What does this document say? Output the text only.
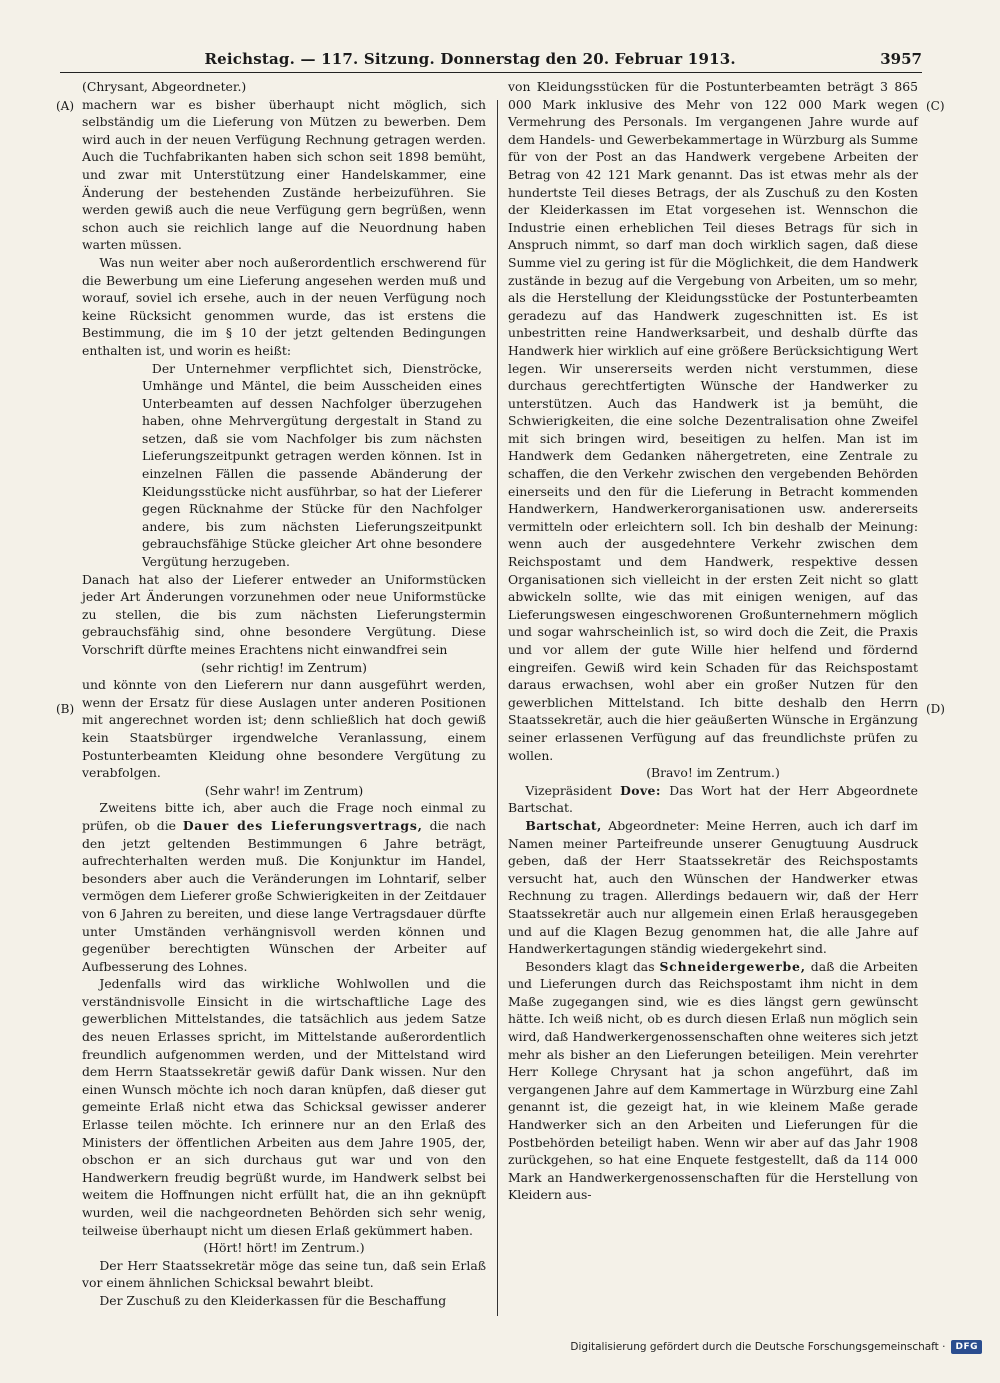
Reichstag. — 117. Sitzung. Donnerstag den 20. Februar 1913.	3957
(A)
(B)
(C)
(D)

(Chrysant, Abgeordneter.)

machern war es bisher überhaupt nicht möglich, sich selbständig um die Lieferung von Mützen zu bewerben. Dem wird auch in der neuen Verfügung Rechnung getragen werden. Auch die Tuchfabrikanten haben sich schon seit 1898 bemüht, und zwar mit Unterstützung einer Handelskammer, eine Änderung der bestehenden Zustände herbeizuführen. Sie werden gewiß auch die neue Verfügung gern begrüßen, wenn schon auch sie reichlich lange auf die Neuordnung haben warten müssen.

Was nun weiter aber noch außerordentlich erschwerend für die Bewerbung um eine Lieferung angesehen werden muß und worauf, soviel ich ersehe, auch in der neuen Verfügung noch keine Rücksicht genommen wurde, das ist erstens die Bestimmung, die im § 10 der jetzt geltenden Bedingungen enthalten ist, und worin es heißt:

Der Unternehmer verpflichtet sich, Dienströcke, Umhänge und Mäntel, die beim Ausscheiden eines Unterbeamten auf dessen Nachfolger überzugehen haben, ohne Mehrvergütung dergestalt in Stand zu setzen, daß sie vom Nachfolger bis zum nächsten Lieferungszeitpunkt getragen werden können. Ist in einzelnen Fällen die passende Abänderung der Kleidungsstücke nicht ausführbar, so hat der Lieferer gegen Rücknahme der Stücke für den Nachfolger andere, bis zum nächsten Lieferungszeitpunkt gebrauchsfähige Stücke gleicher Art ohne besondere Vergütung herzugeben.

Danach hat also der Lieferer entweder an Uniformstücken jeder Art Änderungen vorzunehmen oder neue Uniformstücke zu stellen, die bis zum nächsten Lieferungstermin gebrauchsfähig sind, ohne besondere Vergütung. Diese Vorschrift dürfte meines Erachtens nicht einwandfrei sein

(sehr richtig! im Zentrum)

und könnte von den Lieferern nur dann ausgeführt werden, wenn der Ersatz für diese Auslagen unter anderen Positionen mit angerechnet worden ist; denn schließlich hat doch gewiß kein Staatsbürger irgendwelche Veranlassung, einem Postunterbeamten Kleidung ohne besondere Vergütung zu verabfolgen.

(Sehr wahr! im Zentrum)

Zweitens bitte ich, aber auch die Frage noch einmal zu prüfen, ob die Dauer des Lieferungsvertrags, die nach den jetzt geltenden Bestimmungen 6 Jahre beträgt, aufrechterhalten werden muß. Die Konjunktur im Handel, besonders aber auch die Veränderungen im Lohntarif, selber vermögen dem Lieferer große Schwierigkeiten in der Zeitdauer von 6 Jahren zu bereiten, und diese lange Vertragsdauer dürfte unter Umständen verhängnisvoll werden können und gegenüber berechtigten Wünschen der Arbeiter auf Aufbesserung des Lohnes.

Jedenfalls wird das wirkliche Wohlwollen und die verständnisvolle Einsicht in die wirtschaftliche Lage des gewerblichen Mittelstandes, die tatsächlich aus jedem Satze des neuen Erlasses spricht, im Mittelstande außerordentlich freundlich aufgenommen werden, und der Mittelstand wird dem Herrn Staatssekretär gewiß dafür Dank wissen. Nur den einen Wunsch möchte ich noch daran knüpfen, daß dieser gut gemeinte Erlaß nicht etwa das Schicksal gewisser anderer Erlasse teilen möchte. Ich erinnere nur an den Erlaß des Ministers der öffentlichen Arbeiten aus dem Jahre 1905, der, obschon er an sich durchaus gut war und von den Handwerkern freudig begrüßt wurde, im Handwerk selbst bei weitem die Hoffnungen nicht erfüllt hat, die an ihn geknüpft wurden, weil die nachgeordneten Behörden sich sehr wenig, teilweise überhaupt nicht um diesen Erlaß gekümmert haben.

(Hört! hört! im Zentrum.)

Der Herr Staatssekretär möge das seine tun, daß sein Erlaß vor einem ähnlichen Schicksal bewahrt bleibt.

Der Zuschuß zu den Kleiderkassen für die Beschaffung

von Kleidungsstücken für die Postunterbeamten beträgt 3 865 000 Mark inklusive des Mehr von 122 000 Mark wegen Vermehrung des Personals. Im vergangenen Jahre wurde auf dem Handels- und Gewerbekammertage in Würzburg als Summe für von der Post an das Handwerk vergebene Arbeiten der Betrag von 42 121 Mark genannt. Das ist etwas mehr als der hundertste Teil dieses Betrags, der als Zuschuß zu den Kosten der Kleiderkassen im Etat vorgesehen ist. Wennschon die Industrie einen erheblichen Teil dieses Betrags für sich in Anspruch nimmt, so darf man doch wirklich sagen, daß diese Summe viel zu gering ist für die Möglichkeit, die dem Handwerk zuständе in bezug auf die Vergebung von Arbeiten, um so mehr, als die Herstellung der Kleidungsstücke der Postunterbeamten geradezu auf das Handwerk zugeschnitten ist. Es ist unbestritten reine Handwerksarbeit, und deshalb dürfte das Handwerk hier wirklich auf eine größere Berücksichtigung Wert legen. Wir unsererseits werden nicht verstummen, diese durchaus gerechtfertigten Wünsche der Handwerker zu unterstützen. Auch das Handwerk ist ja bemüht, die Schwierigkeiten, die eine solche Dezentralisation ohne Zweifel mit sich bringen wird, beseitigen zu helfen. Man ist im Handwerk dem Gedanken nähergetreten, eine Zentrale zu schaffen, die den Verkehr zwischen den vergebenden Behörden einerseits und den für die Lieferung in Betracht kommenden Handwerkern, Handwerkerorganisationen usw. andererseits vermitteln oder erleichtern soll. Ich bin deshalb der Meinung: wenn auch der ausgedehntere Verkehr zwischen dem Reichspostamt und dem Handwerk, respektive dessen Organisationen sich vielleicht in der ersten Zeit nicht so glatt abwickeln sollte, wie das mit einigen wenigen, auf das Lieferungswesen eingeschworenen Großunternehmern möglich und sogar wahrscheinlich ist, so wird doch die Zeit, die Praxis und vor allem der gute Wille hier helfend und fördernd eingreifen. Gewiß wird kein Schaden für das Reichspostamt daraus erwachsen, wohl aber ein großer Nutzen für den gewerblichen Mittelstand. Ich bitte deshalb den Herrn Staatssekretär, auch die hier geäußerten Wünsche in Ergänzung seiner erlassenen Verfügung auf das freundlichste prüfen zu wollen.

(Bravo! im Zentrum.)

Vizepräsident Dove: Das Wort hat der Herr Abgeordnete Bartschat.

Bartschat, Abgeordneter: Meine Herren, auch ich darf im Namen meiner Parteifreunde unserer Genugtuung Ausdruck geben, daß der Herr Staatssekretär des Reichspostamts versucht hat, auch den Wünschen der Handwerker etwas Rechnung zu tragen. Allerdings bedauern wir, daß der Herr Staatssekretär auch nur allgemein einen Erlaß herausgegeben und auf die Klagen Bezug genommen hat, die alle Jahre auf Handwerkertagungen ständig wiedergekehrt sind.

Besonders klagt das Schneidergewerbe, daß die Arbeiten und Lieferungen durch das Reichspostamt ihm nicht in dem Maße zugegangen sind, wie es dies längst gern gewünscht hätte. Ich weiß nicht, ob es durch diesen Erlaß nun möglich sein wird, daß Handwerkergenossenschaften ohne weiteres sich jetzt mehr als bisher an den Lieferungen beteiligen. Mein verehrter Herr Kollege Chrysant hat ja schon angeführt, daß im vergangenen Jahre auf dem Kammertage in Würzburg eine Zahl genannt ist, die gezeigt hat, in wie kleinem Maße gerade Handwerker sich an den Arbeiten und Lieferungen für die Postbehörden beteiligt haben. Wenn wir aber auf das Jahr 1908 zurückgehen, so hat eine Enquete festgestellt, daß da 114 000 Mark an Handwerkergenossenschaften für die Herstellung von Kleidern aus-

Digitalisierung gefördert durch die Deutsche Forschungsgemeinschaft ·	DFG
